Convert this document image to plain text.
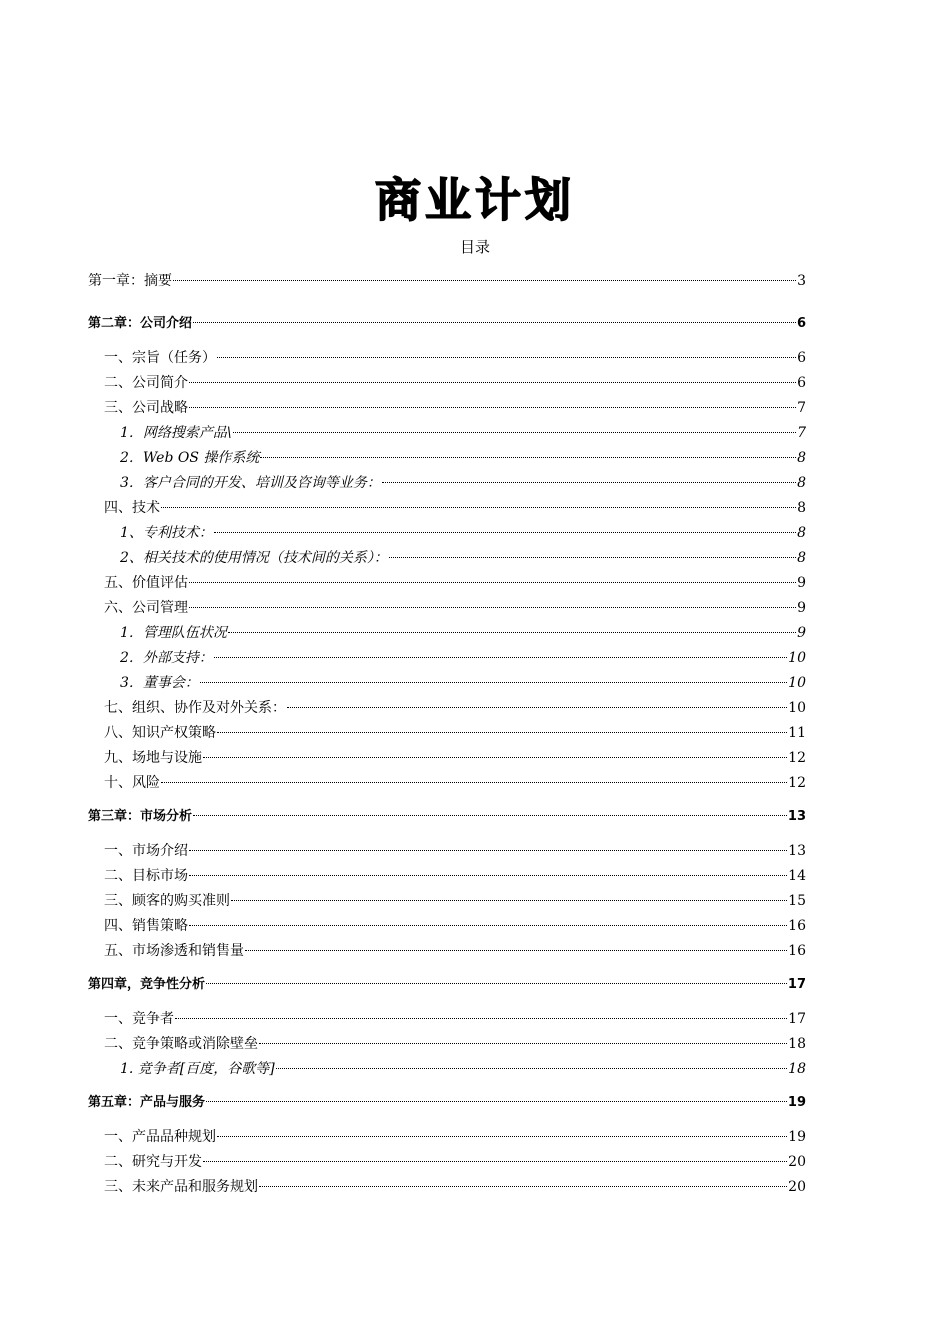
商业计划
目录
第一章：摘要	3
第二章：公司介绍	6
一、宗旨（任务）	6
二、公司简介	6
三、公司战略	7
1．网络搜索产品\	7
2．Web OS 操作系统	8
3．客户合同的开发、培训及咨询等业务：	8
四、技术	8
1、专利技术：	8
2、相关技术的使用情况（技术间的关系）：	8
五、价值评估	9
六、公司管理	9
1．管理队伍状况	9
2．外部支持：	10
3．董事会：	10
七、组织、协作及对外关系：	10
八、知识产权策略	11
九、场地与设施	12
十、风险	12
第三章：市场分析	13
一、市场介绍	13
二、目标市场	14
三、顾客的购买准则	15
四、销售策略	16
五、市场渗透和销售量	16
第四章，竞争性分析	17
一、竞争者	17
二、竞争策略或消除壁垒	18
1. 竞争者[百度，谷歌等]	18
第五章：产品与服务	19
一、产品品种规划	19
二、研究与开发	20
三、未来产品和服务规划	20
